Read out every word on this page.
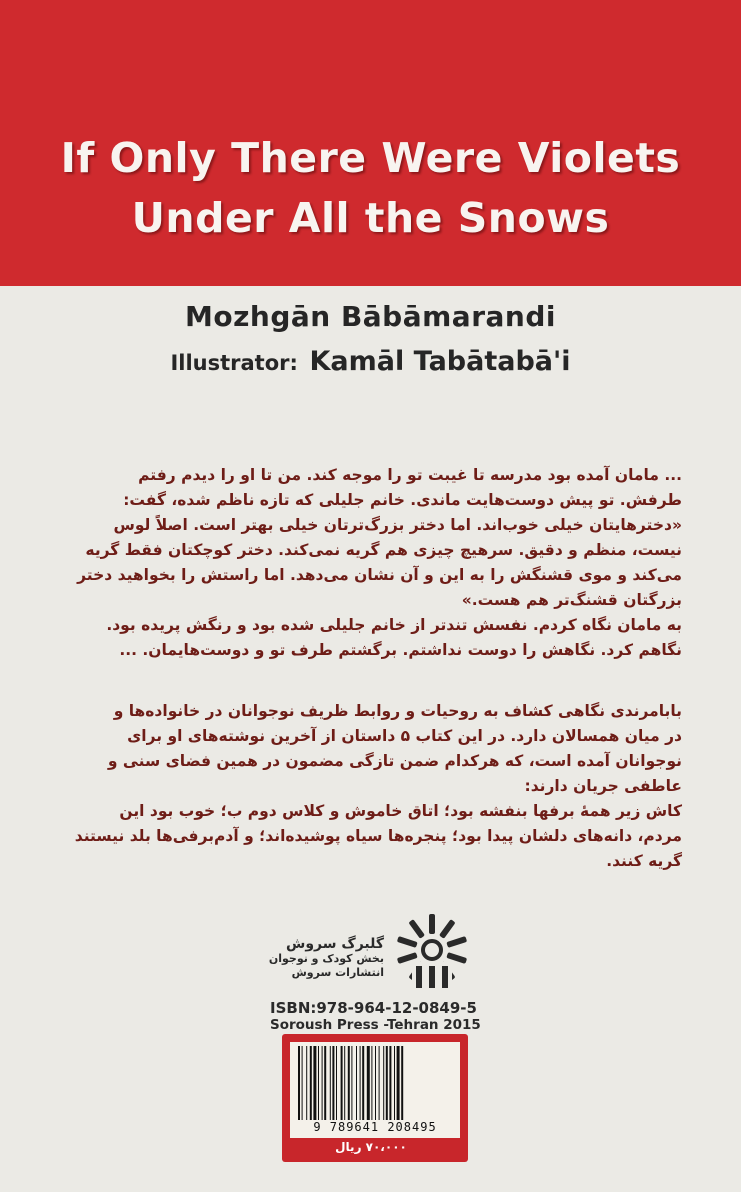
If Only There Were Violets
Under All the Snows
Mozhgān Bābāmarandi
Illustrator: Kamāl Tabātabā'i

... مامان آمده بود مدرسه تا غیبت تو را موجه کند. من تا او را دیدم رفتم

طرفش. تو پیش دوست‌هایت ماندی. خانم جلیلی که تازه ناظم شده، گفت:

«دخترهایتان خیلی خوب‌اند. اما دختر بزرگ‌ترتان خیلی بهتر است. اصلاً لوس

نیست، منظم و دقیق. سرهیچ چیزی هم گریه نمی‌کند. دختر کوچکتان فقط گریه

می‌کند و موی قشنگش را به این و آن نشان می‌دهد. اما راستش را بخواهید دختر

بزرگتان قشنگ‌تر هم هست.»

به مامان نگاه کردم. نفسش تندتر از خانم جلیلی شده بود و رنگش پریده بود.

نگاهم کرد. نگاهش را دوست نداشتم. برگشتم طرف تو و دوست‌هایمان. ...

بابامرندی نگاهی کشاف به روحیات و روابط ظریف نوجوانان در خانواده‌ها و

در میان همسالان دارد. در این کتاب ۵ داستان از آخرین نوشته‌های او برای

نوجوانان آمده است، که هرکدام ضمن تازگی مضمون در همین فضای سنی و

عاطفی جریان دارند:

کاش زیر همهٔ برفها بنفشه بود؛ اتاق خاموش و کلاس دوم ب؛ خوب بود این

مردم، دانه‌های دلشان پیدا بود؛ پنجره‌ها سیاه پوشیده‌اند؛ و آدم‌برفی‌ها بلد نیستند

گریه کنند.

گلبرگ سروش
بخش کودک و نوجوان
انتشارات سروش
ISBN:978-964-12-0849-5
Soroush Press -Tehran 2015
9 789641 208495
۷۰،۰۰۰ ریال
